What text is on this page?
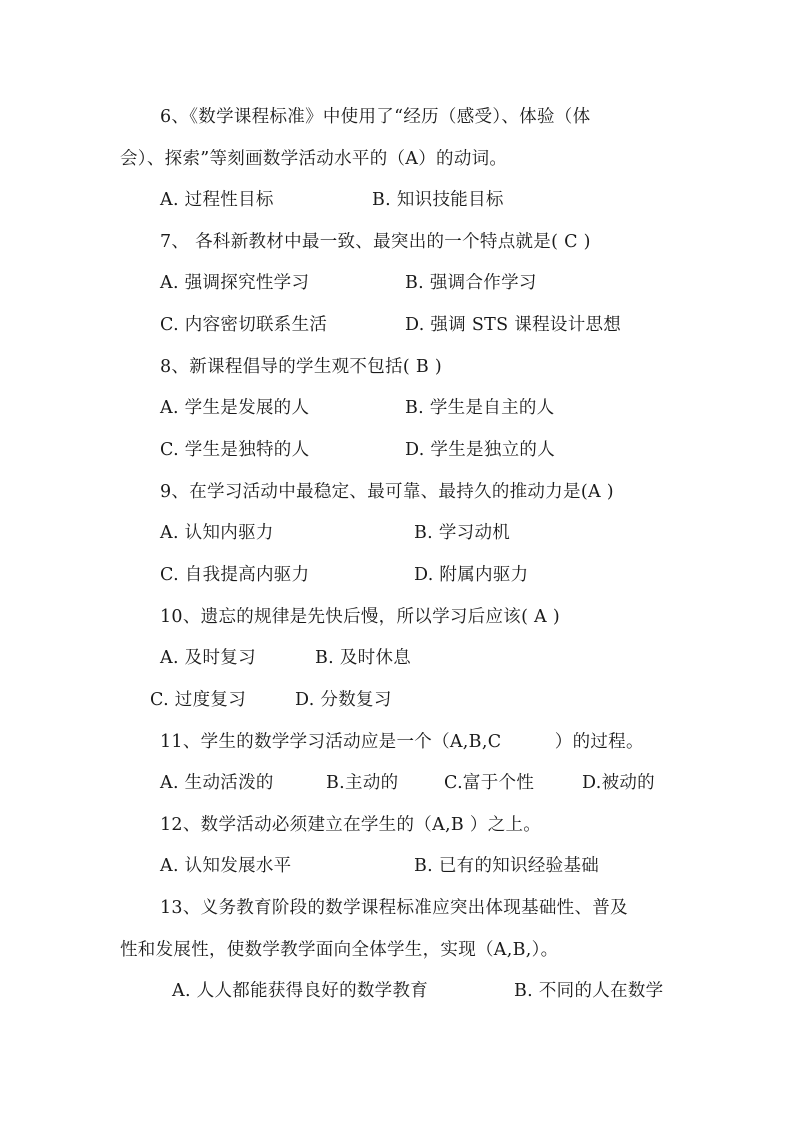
6、《数学课程标准》中使用了“经历（感受）、体验（体
会）、探索”等刻画数学活动水平的（A）的动词。
A. 过程性目标	B. 知识技能目标
7、 各科新教材中最一致、最突出的一个特点就是( C )
A. 强调探究性学习	B. 强调合作学习
C. 内容密切联系生活	D. 强调 STS 课程设计思想
8、新课程倡导的学生观不包括( B )
A. 学生是发展的人	B. 学生是自主的人
C. 学生是独特的人	D. 学生是独立的人
9、在学习活动中最稳定、最可靠、最持久的推动力是(A )
A. 认知内驱力	B. 学习动机
C. 自我提高内驱力	D. 附属内驱力
10、遗忘的规律是先快后慢，所以学习后应该( A )
A. 及时复习	B. 及时休息
C. 过度复习	D. 分数复习
11、学生的数学学习活动应是一个（A,B,C　　　）的过程。
A. 生动活泼的	B.主动的	C.富于个性	D.被动的
12、数学活动必须建立在学生的（A,B ）之上。
A. 认知发展水平	B. 已有的知识经验基础
13、义务教育阶段的数学课程标准应突出体现基础性、普及
性和发展性，使数学教学面向全体学生，实现（A,B,）。
A. 人人都能获得良好的数学教育	B. 不同的人在数学
